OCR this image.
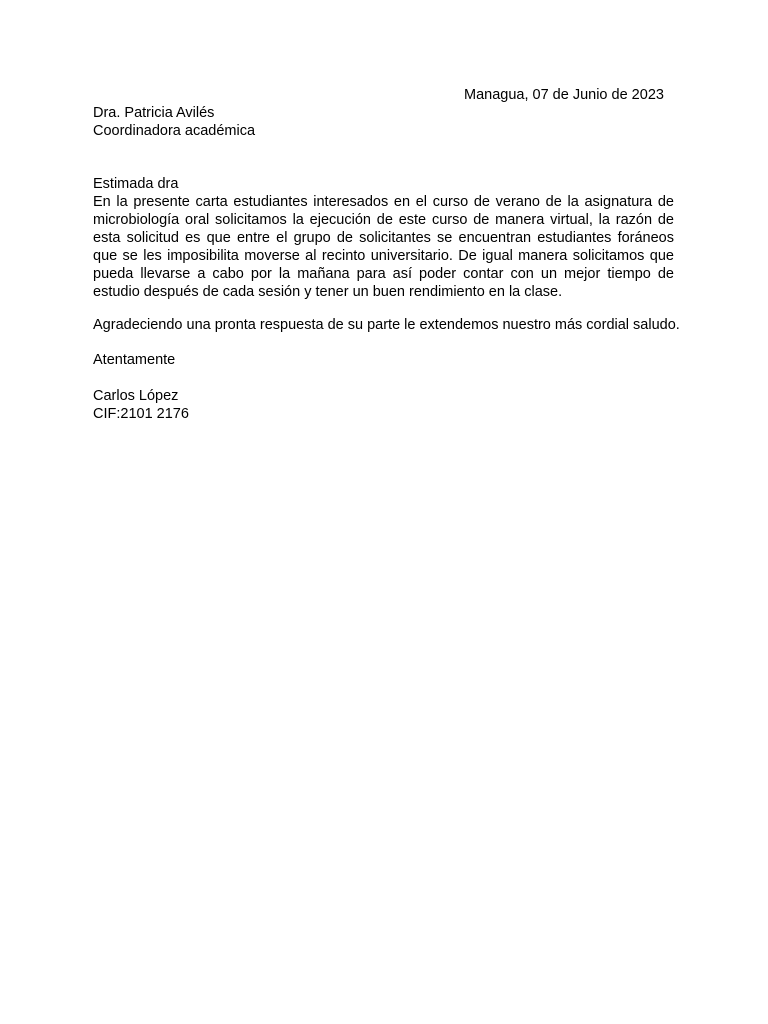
Managua, 07 de Junio de 2023
Dra. Patricia Avilés
Coordinadora académica
Estimada dra

En la presente carta estudiantes interesados en el curso de verano de la asignatura de microbiología oral solicitamos la ejecución de este curso de manera virtual, la razón de esta solicitud es que entre el grupo de solicitantes se encuentran estudiantes foráneos que se les imposibilita moverse al recinto universitario. De igual manera solicitamos que pueda llevarse a cabo por la mañana para así poder contar con un mejor tiempo de estudio después de cada sesión y tener un buen rendimiento en la clase.

Agradeciendo una pronta respuesta de su parte le extendemos nuestro más cordial saludo.
Atentamente
Carlos López
CIF:2101 2176
